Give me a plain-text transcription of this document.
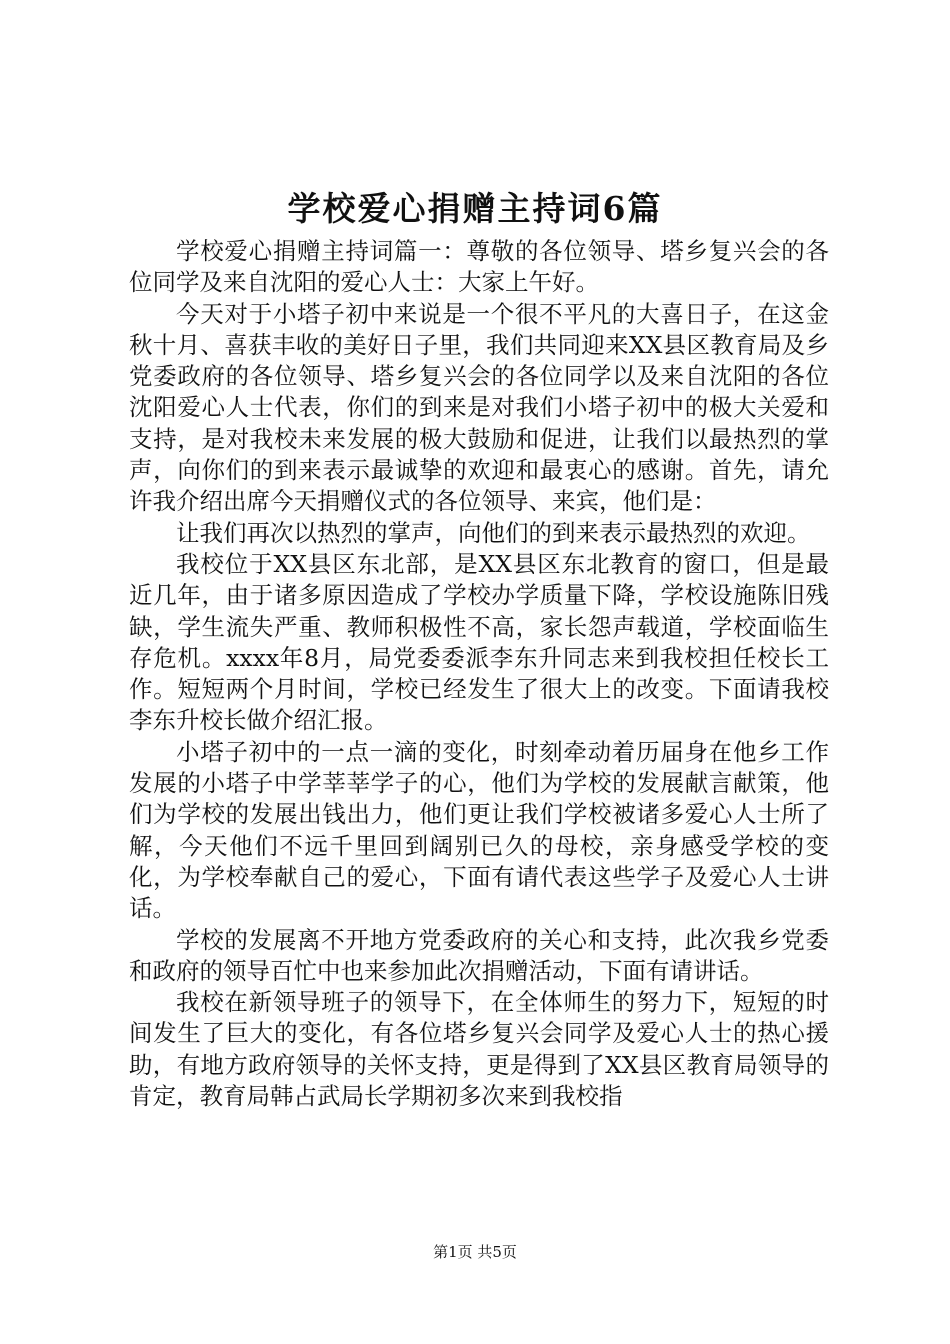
学校爱心捐赠主持词6篇

学校爱心捐赠主持词篇一：尊敬的各位领导、塔乡复兴会的各位同学及来自沈阳的爱心人士：大家上午好。

今天对于小塔子初中来说是一个很不平凡的大喜日子，在这金秋十月、喜获丰收的美好日子里，我们共同迎来XX县区教育局及乡党委政府的各位领导、塔乡复兴会的各位同学以及来自沈阳的各位沈阳爱心人士代表，你们的到来是对我们小塔子初中的极大关爱和支持，是对我校未来发展的极大鼓励和促进，让我们以最热烈的掌声，向你们的到来表示最诚挚的欢迎和最衷心的感谢。首先，请允许我介绍出席今天捐赠仪式的各位领导、来宾，他们是：

让我们再次以热烈的掌声，向他们的到来表示最热烈的欢迎。

我校位于XX县区东北部，是XX县区东北教育的窗口，但是最近几年，由于诸多原因造成了学校办学质量下降，学校设施陈旧残缺，学生流失严重、教师积极性不高，家长怨声载道，学校面临生存危机。xxxx年8月，局党委委派李东升同志来到我校担任校长工作。短短两个月时间，学校已经发生了很大上的改变。下面请我校李东升校长做介绍汇报。

小塔子初中的一点一滴的变化，时刻牵动着历届身在他乡工作发展的小塔子中学莘莘学子的心，他们为学校的发展献言献策，他们为学校的发展出钱出力，他们更让我们学校被诸多爱心人士所了解，今天他们不远千里回到阔别已久的母校，亲身感受学校的变化，为学校奉献自己的爱心，下面有请代表这些学子及爱心人士讲话。

学校的发展离不开地方党委政府的关心和支持，此次我乡党委和政府的领导百忙中也来参加此次捐赠活动，下面有请讲话。

我校在新领导班子的领导下，在全体师生的努力下，短短的时间发生了巨大的变化，有各位塔乡复兴会同学及爱心人士的热心援助，有地方政府领导的关怀支持，更是得到了XX县区教育局领导的肯定，教育局韩占武局长学期初多次来到我校指

第1页 共5页
